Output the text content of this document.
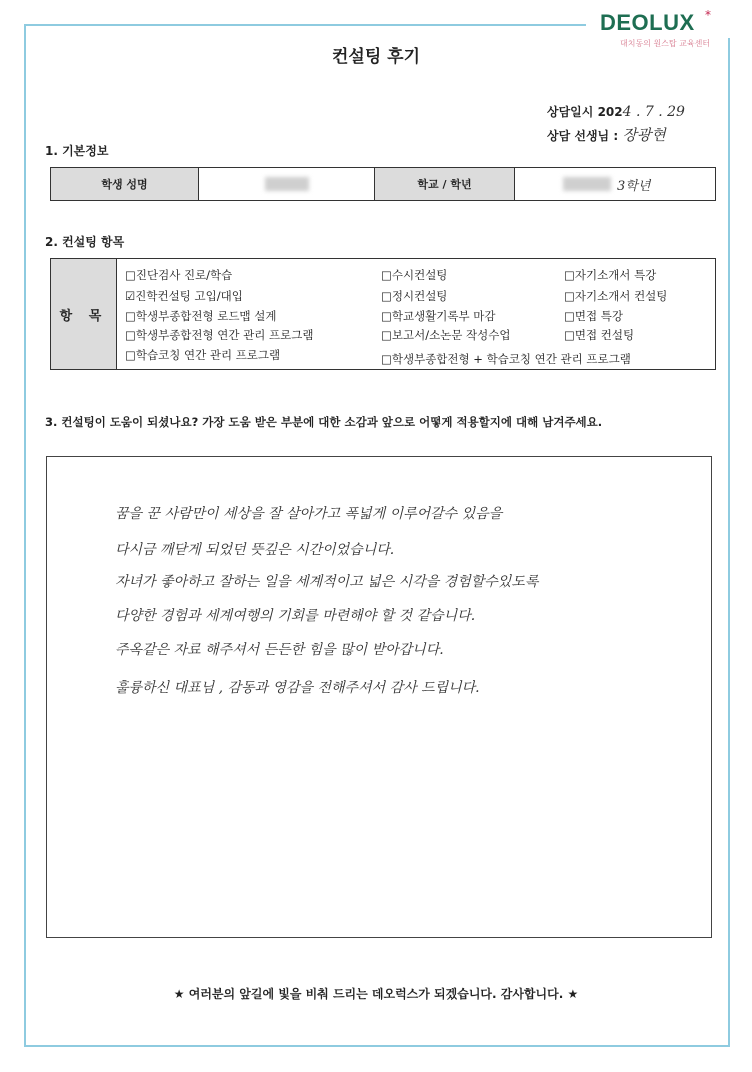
DEOLUX *
대치동의 원스탑 교육센터
컨설팅 후기
상담일시 2024 . 7 . 29
상담 선생님 : 장광현
1. 기본정보
학생 성명	학교 / 학년	3학년
2. 컨설팅 항목
항 목
□진단검사 진로/학습
☑진학컨설팅 고입/대입
□학생부종합전형 로드맵 설계
□학생부종합전형 연간 관리 프로그램
□학습코칭 연간 관리 프로그램
□수시컨설팅
□정시컨설팅
□학교생활기록부 마감
□보고서/소논문 작성수업
□학생부종합전형 + 학습코칭 연간 관리 프로그램
□자기소개서 특강
□자기소개서 컨설팅
□면접 특강
□면접 컨설팅
3. 컨설팅이 도움이 되셨나요? 가장 도움 받은 부분에 대한 소감과 앞으로 어떻게 적용할지에 대해 남겨주세요.
꿈을 꾼 사람만이 세상을 잘 살아가고 폭넓게 이루어갈수 있음을
다시금 깨닫게 되었던 뜻깊은 시간이었습니다.
자녀가 좋아하고 잘하는 일을 세계적이고 넓은 시각을 경험할수있도록
다양한 경험과 세계여행의 기회를 마련해야 할 것 같습니다.
주옥같은 자료 해주셔서 든든한 힘을 많이 받아갑니다.
훌륭하신 대표님 , 감동과 영감을 전해주셔서 감사 드립니다.
★ 여러분의 앞길에 빛을 비춰 드리는 데오럭스가 되겠습니다. 감사합니다. ★
